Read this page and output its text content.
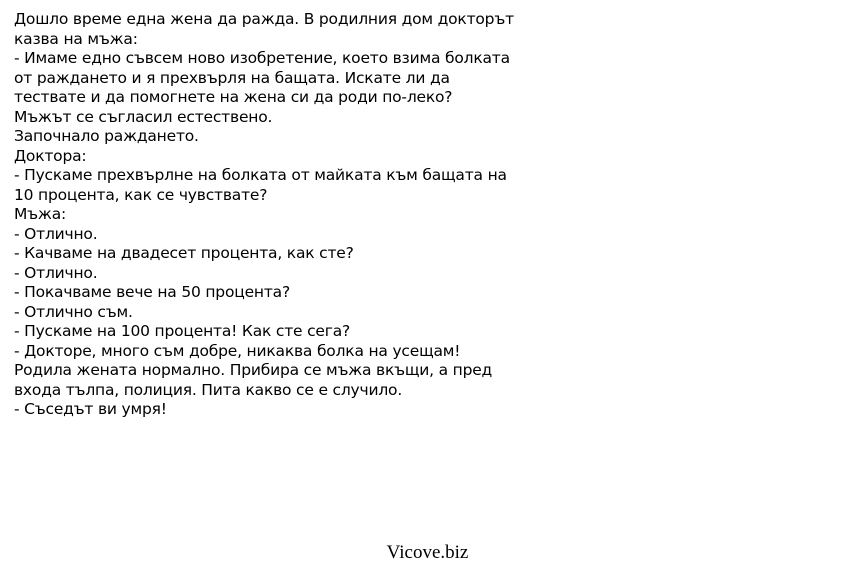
Дошло време една жена да ражда. В родилния дом докторът
казва на мъжа:
- Имаме едно съвсем ново изобретение, което взима болката
от раждането и я прехвърля на бащата. Искате ли да
тествате и да помогнете на жена си да роди по-леко?
Мъжът се съгласил естествено.
Започнало раждането.
Доктора:
- Пускаме прехвърлне на болката от майката към бащата на
10 процента, как се чувствате?
Мъжа:
- Отлично.
- Качваме на двадесет процента, как сте?
- Отлично.
- Покачваме вече на 50 процента?
- Отлично съм.
- Пускаме на 100 процента! Как сте сега?
- Докторе, много съм добре, никаква болка на усещам!
Родила жената нормално. Прибира се мъжа вкъщи, а пред
входа тълпа, полиция. Пита какво се е случило.
- Съседът ви умря!
Vicove.biz
